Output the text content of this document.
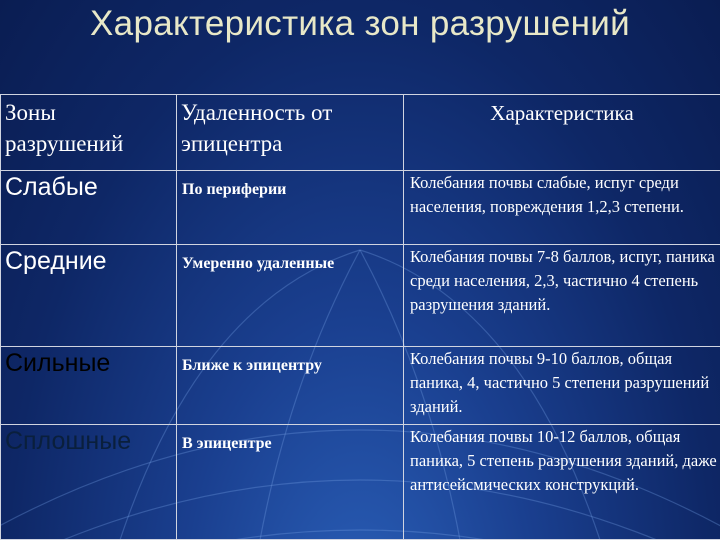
Характеристика зон разрушений
Зоны разрушений	Удаленность от эпицентра	Характеристика
Слабые	По периферии	Колебания почвы слабые, испуг среди населения, повреждения 1,2,3 степени.
Средние	Умеренно удаленные	Колебания почвы 7-8 баллов, испуг, паника среди населения, 2,3, частично 4 степень разрушения зданий.
Сильные	Ближе к эпицентру	Колебания почвы 9-10 баллов, общая паника, 4, частично 5 степени разрушений зданий.
Сплошные	В эпицентре	Колебания почвы 10-12 баллов, общая паника, 5 степень разрушения зданий, даже антисейсмических конструкций.
